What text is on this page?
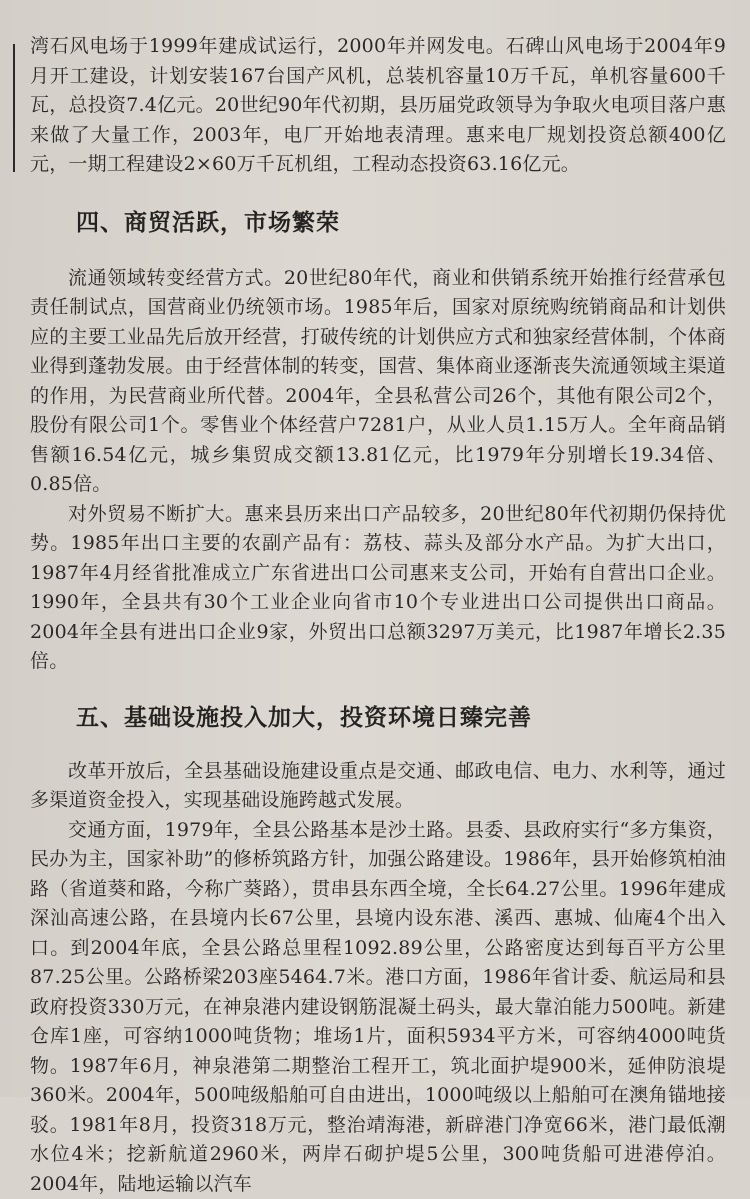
湾石风电场于1999年建成试运行，2000年并网发电。石碑山风电场于2004年9月开工建设，计划安装167台国产风机，总装机容量10万千瓦，单机容量600千瓦，总投资7.4亿元。20世纪90年代初期，县历届党政领导为争取火电项目落户惠来做了大量工作，2003年，电厂开始地表清理。惠来电厂规划投资总额400亿元，一期工程建设2×60万千瓦机组，工程动态投资63.16亿元。

四、商贸活跃，市场繁荣

流通领域转变经营方式。20世纪80年代，商业和供销系统开始推行经营承包责任制试点，国营商业仍统领市场。1985年后，国家对原统购统销商品和计划供应的主要工业品先后放开经营，打破传统的计划供应方式和独家经营体制，个体商业得到蓬勃发展。由于经营体制的转变，国营、集体商业逐渐丧失流通领域主渠道的作用，为民营商业所代替。2004年，全县私营公司26个，其他有限公司2个，股份有限公司1个。零售业个体经营户7281户，从业人员1.15万人。全年商品销售额16.54亿元，城乡集贸成交额13.81亿元，比1979年分别增长19.34倍、0.85倍。

对外贸易不断扩大。惠来县历来出口产品较多，20世纪80年代初期仍保持优势。1985年出口主要的农副产品有：荔枝、蒜头及部分水产品。为扩大出口，1987年4月经省批准成立广东省进出口公司惠来支公司，开始有自营出口企业。1990年，全县共有30个工业企业向省市10个专业进出口公司提供出口商品。2004年全县有进出口企业9家，外贸出口总额3297万美元，比1987年增长2.35倍。

五、基础设施投入加大，投资环境日臻完善

改革开放后，全县基础设施建设重点是交通、邮政电信、电力、水利等，通过多渠道资金投入，实现基础设施跨越式发展。

交通方面，1979年，全县公路基本是沙土路。县委、县政府实行“多方集资，民办为主，国家补助”的修桥筑路方针，加强公路建设。1986年，县开始修筑柏油路（省道葵和路，今称广葵路），贯串县东西全境，全长64.27公里。1996年建成深汕高速公路，在县境内长67公里，县境内设东港、溪西、惠城、仙庵4个出入口。到2004年底，全县公路总里程1092.89公里，公路密度达到每百平方公里87.25公里。公路桥梁203座5464.7米。港口方面，1986年省计委、航运局和县政府投资330万元，在神泉港内建设钢筋混凝土码头，最大靠泊能力500吨。新建仓库1座，可容纳1000吨货物；堆场1片，面积5934平方米，可容纳4000吨货物。1987年6月，神泉港第二期整治工程开工，筑北面护堤900米，延伸防浪堤360米。2004年，500吨级船舶可自由进出，1000吨级以上船舶可在澳角锚地接驳。1981年8月，投资318万元，整治靖海港，新辟港门净宽66米，港门最低潮水位4米；挖新航道2960米，两岸石砌护堤5公里，300吨货船可进港停泊。2004年，陆地运输以汽车
